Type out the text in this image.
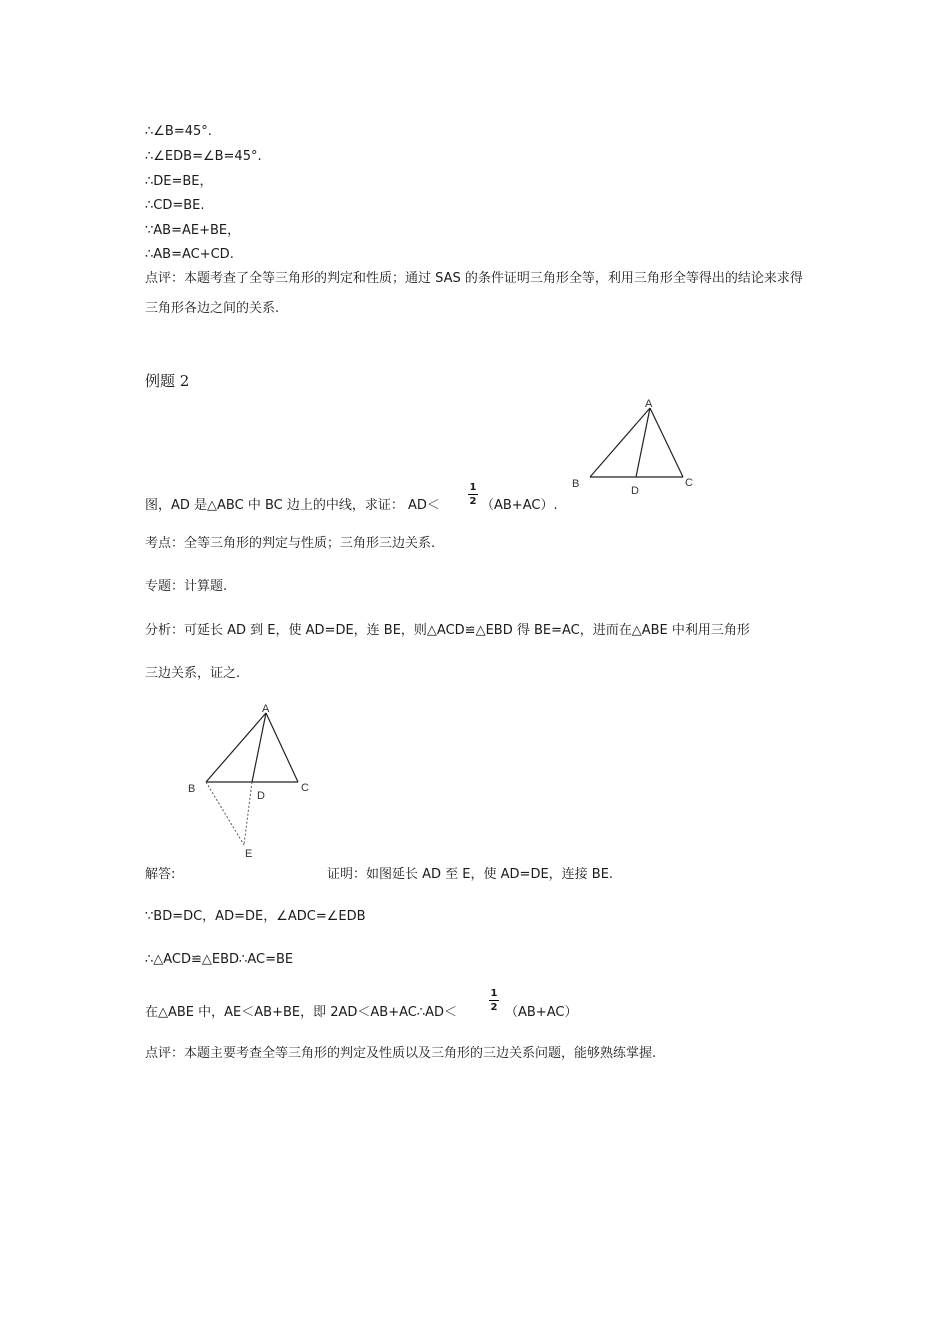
∴∠B=45°.
∴∠EDB=∠B=45°.
∴DE=BE，
∴CD=BE.
∵AB=AE+BE，
∴AB=AC+CD.
点评：本题考查了全等三角形的判定和性质；通过 SAS 的条件证明三角形全等，利用三角形全等得出的结论来求得三角形各边之间的关系.
例题 2
A
B	C
D
图，AD 是△ABC 中 BC 边上的中线，求证： AD＜
1
2 （AB+AC）.
考点：全等三角形的判定与性质；三角形三边关系.
专题：计算题.
分析：可延长 AD 到 E，使 AD=DE，连 BE，则△ACD≌△EBD 得 BE=AC，进而在△ABE 中利用三角形
三边关系，证之.
A
B	C
D
E
解答:	证明：如图延长 AD 至 E，使 AD=DE，连接 BE.
∵BD=DC，AD=DE，∠ADC=∠EDB
∴△ACD≌△EBD∴AC=BE
在△ABE 中，AE＜AB+BE，即 2AD＜AB+AC∴AD＜
1
2 （AB+AC）
点评：本题主要考查全等三角形的判定及性质以及三角形的三边关系问题，能够熟练掌握.
